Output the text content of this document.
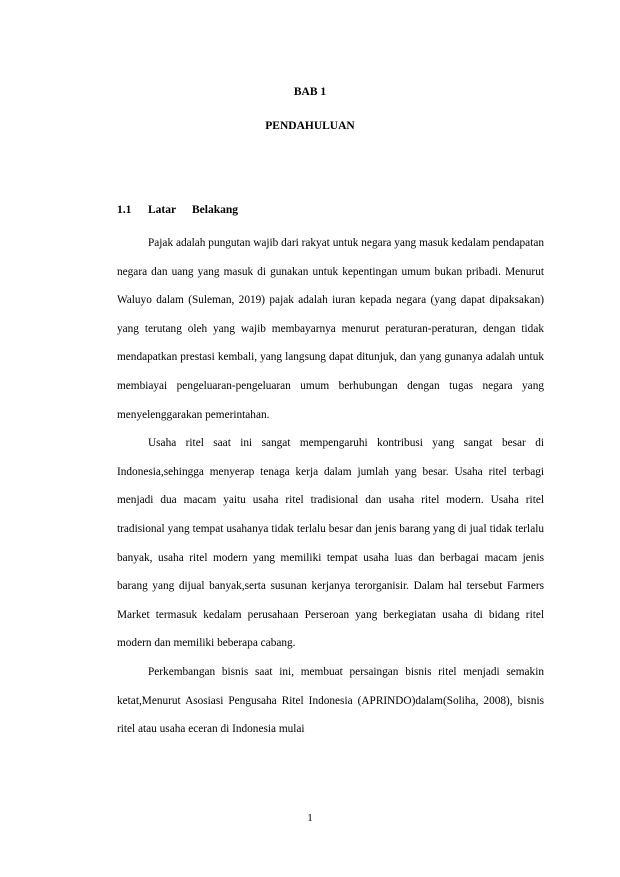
BAB 1
PENDAHULUAN
1.1 Latar Belakang

Pajak adalah pungutan wajib dari rakyat untuk negara yang masuk kedalam pendapatan negara dan uang yang masuk di gunakan untuk kepentingan umum bukan pribadi. Menurut Waluyo dalam (Suleman, 2019) pajak adalah iuran kepada negara (yang dapat dipaksakan) yang terutang oleh yang wajib membayarnya menurut peraturan-peraturan, dengan tidak mendapatkan prestasi kembali, yang langsung dapat ditunjuk, dan yang gunanya adalah untuk membiayai pengeluaran-pengeluaran umum berhubungan dengan tugas negara yang menyelenggarakan pemerintahan.

Usaha ritel saat ini sangat mempengaruhi kontribusi yang sangat besar di Indonesia,sehingga menyerap tenaga kerja dalam jumlah yang besar. Usaha ritel terbagi menjadi dua macam yaitu usaha ritel tradisional dan usaha ritel modern. Usaha ritel tradisional yang tempat usahanya tidak terlalu besar dan jenis barang yang di jual tidak terlalu banyak, usaha ritel modern yang memiliki tempat usaha luas dan berbagai macam jenis barang yang dijual banyak,serta susunan kerjanya terorganisir. Dalam hal tersebut Farmers Market termasuk kedalam perusahaan Perseroan yang berkegiatan usaha di bidang ritel modern dan memiliki beberapa cabang.

Perkembangan bisnis saat ini, membuat persaingan bisnis ritel menjadi semakin ketat,Menurut Asosiasi Pengusaha Ritel Indonesia (APRINDO)dalam(Soliha, 2008), bisnis ritel atau usaha eceran di Indonesia mulai

1
